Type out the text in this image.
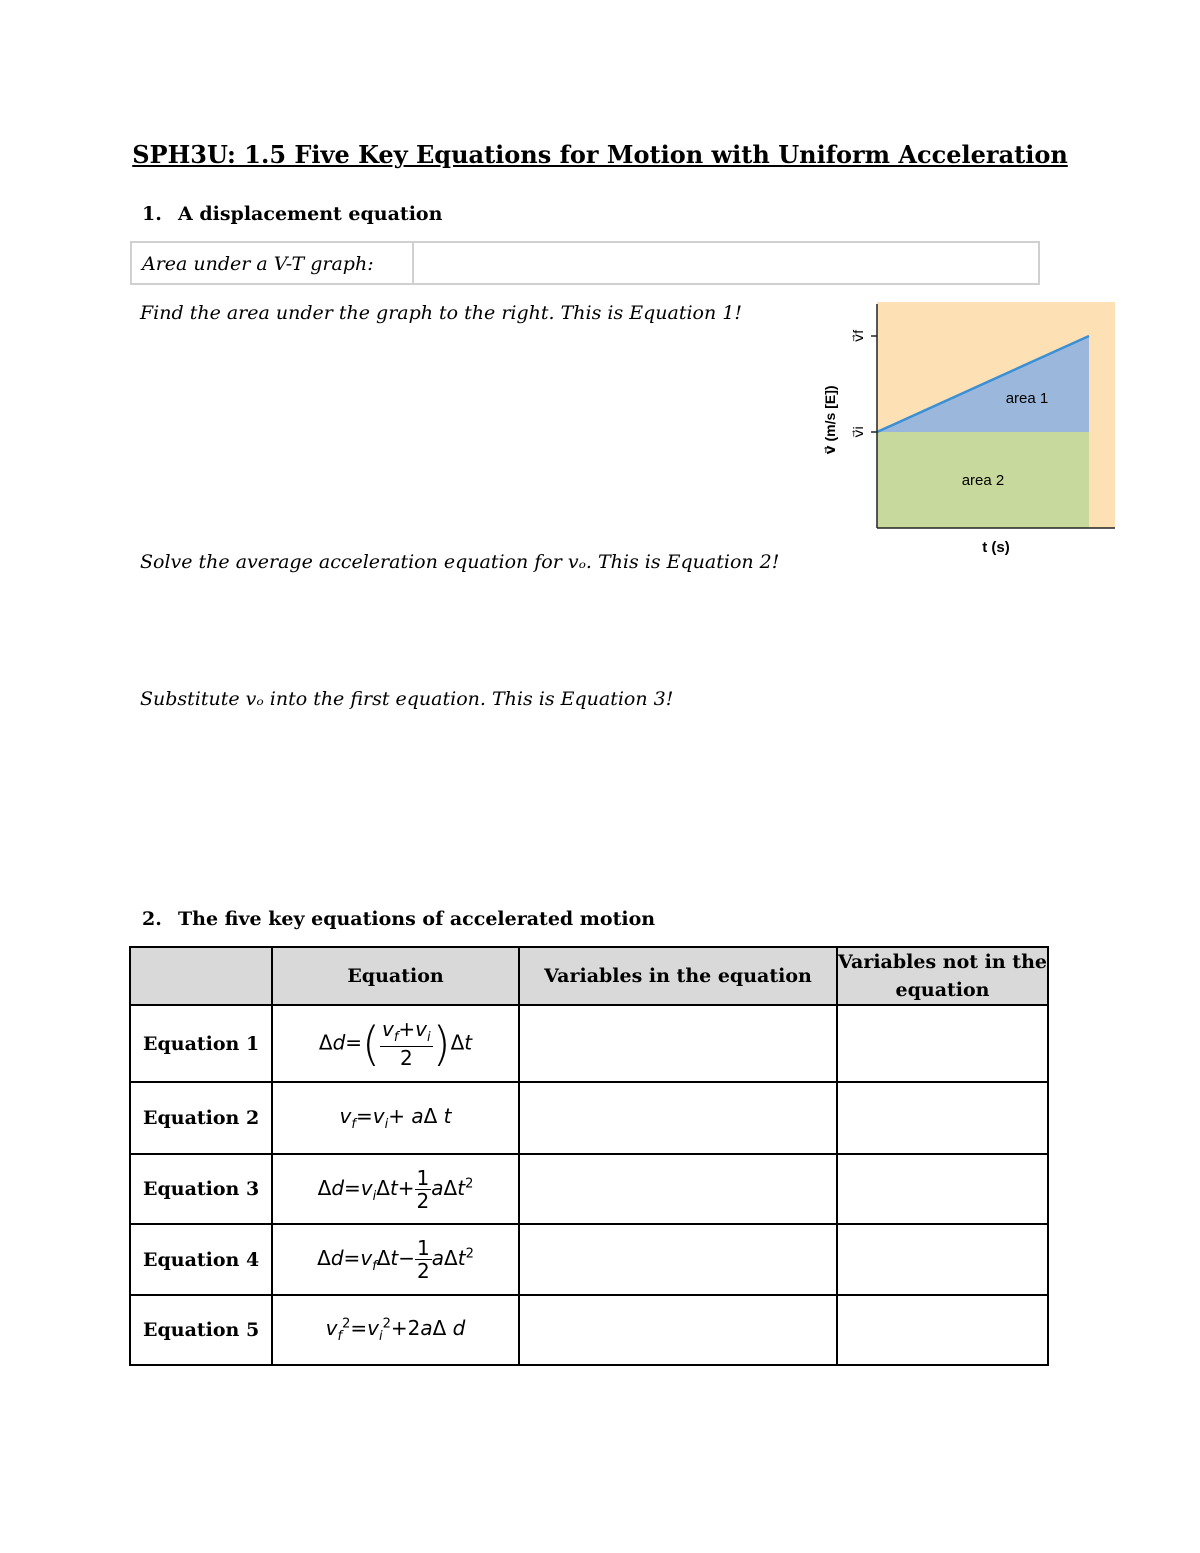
SPH3U: 1.5 Five Key Equations for Motion with Uniform Acceleration
1. A displacement equation
Area under a V-T graph:
Find the area under the graph to the right. This is Equation 1!
Solve the average acceleration equation for vₒ. This is Equation 2!
Substitute vₒ into the first equation. This is Equation 3!
v⃗f
v⃗i
v⃗ (m/s [E])
t (s)
area 1
area 2
2. The five key equations of accelerated motion
	Equation	Variables in the equation	Variables not in the equation
Equation 1	$\Delta d=( \frac{v_f+v_i}{2} )\Delta t$		
Equation 2	$v_f=v_i+ a\Delta$ t		
Equation 3	$\Delta d=v_i\Delta t+ \frac{1}{2} a\Delta t^2$		
Equation 4	$\Delta d=v_f\Delta t- \frac{1}{2} a\Delta t^2$		
Equation 5	$v_f^2=v_i^2+2a\Delta$ d		
